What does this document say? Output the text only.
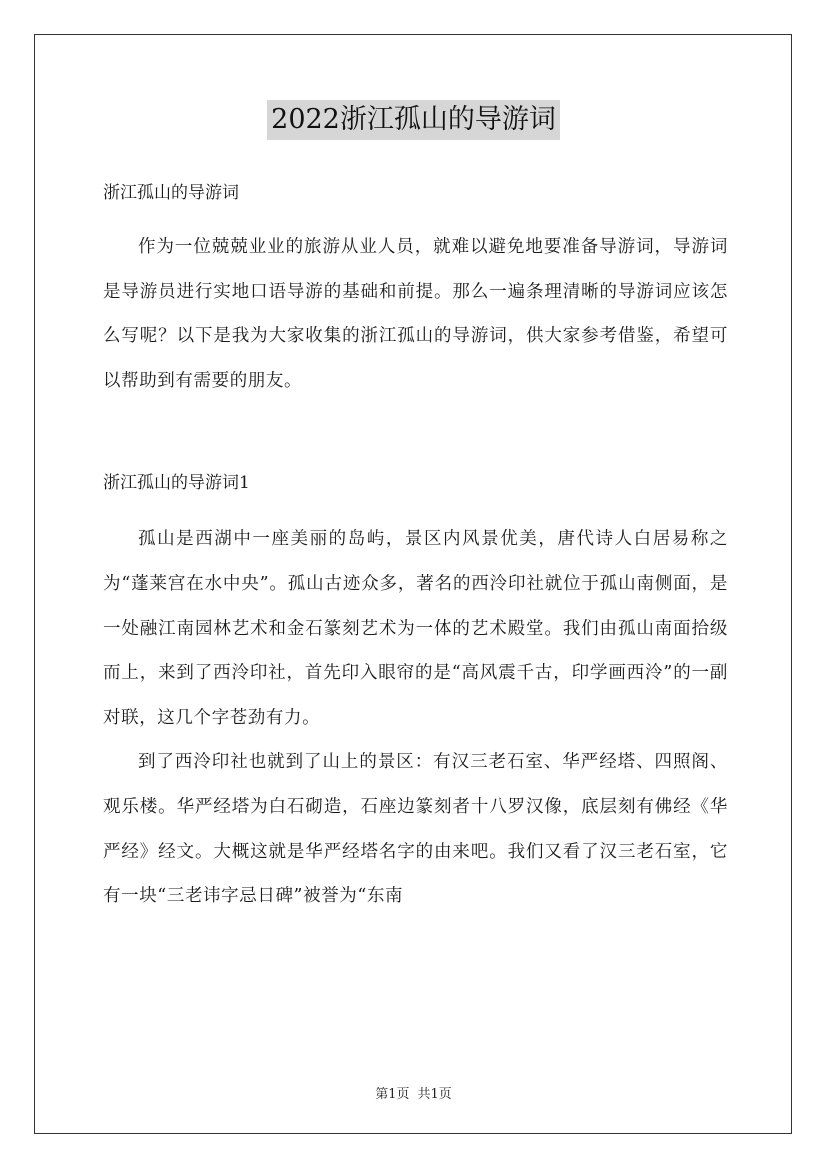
2022浙江孤山的导游词

浙江孤山的导游词

作为一位兢兢业业的旅游从业人员，就难以避免地要准备导游词，导游词是导游员进行实地口语导游的基础和前提。那么一遍条理清晰的导游词应该怎么写呢？以下是我为大家收集的浙江孤山的导游词，供大家参考借鉴，希望可以帮助到有需要的朋友。

浙江孤山的导游词1

孤山是西湖中一座美丽的岛屿，景区内风景优美，唐代诗人白居易称之为“蓬莱宫在水中央”。孤山古迹众多，著名的西泠印社就位于孤山南侧面，是一处融江南园林艺术和金石篆刻艺术为一体的艺术殿堂。我们由孤山南面拾级而上，来到了西泠印社，首先印入眼帘的是“高风震千古，印学画西泠”的一副对联，这几个字苍劲有力。

到了西泠印社也就到了山上的景区：有汉三老石室、华严经塔、四照阁、观乐楼。华严经塔为白石砌造，石座边篆刻者十八罗汉像，底层刻有佛经《华严经》经文。大概这就是华严经塔名字的由来吧。我们又看了汉三老石室，它有一块“三老讳字忌日碑”被誉为“东南

第1页 共1页
